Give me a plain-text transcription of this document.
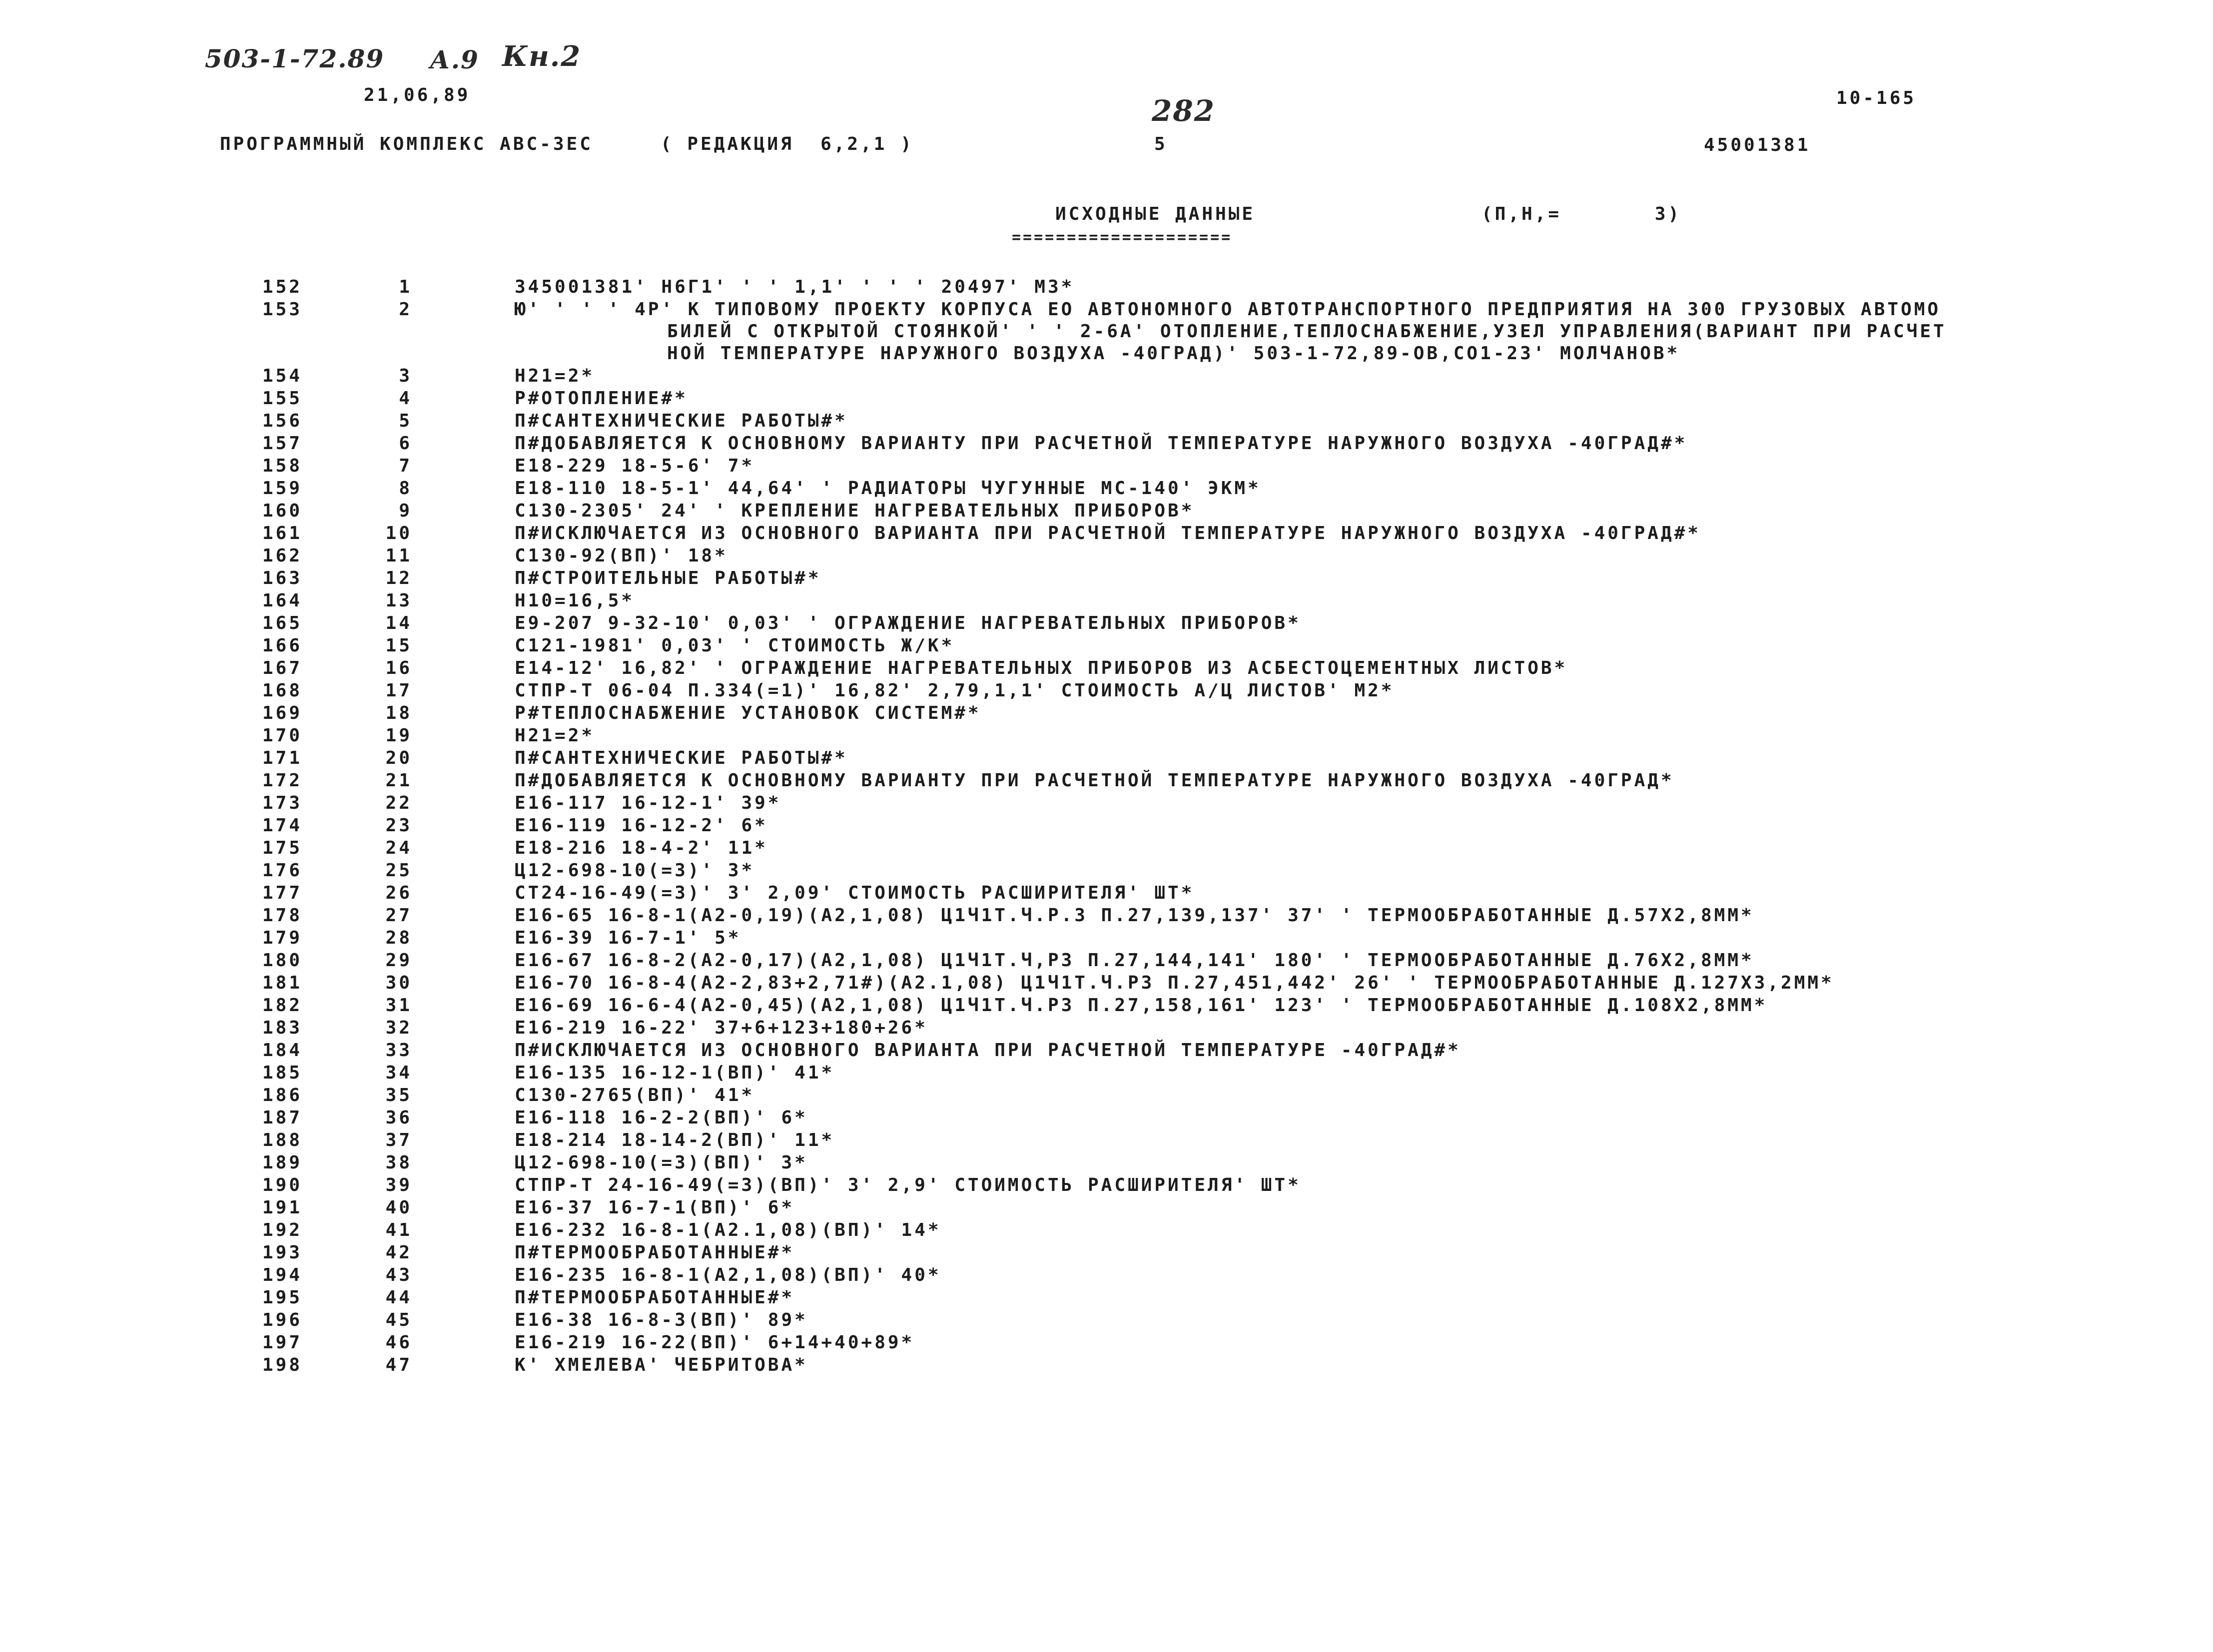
503-1-72.89 А.9 Кн.2
282
21,06,89	10-165
ПРОГРАММНЫЙ КОМПЛЕКС АВС-3ЕС	( РЕДАКЦИЯ  6,2,1 )	5	45001381
ИСХОДНЫЕ ДАННЫЕ
====================
(П,Н,=       3)
152	1	345001381' Н6Г1' ' ' 1,1' ' ' ' 20497' М3*
153	2	Ю' ' ' ' 4Р' К ТИПОВОМУ ПРОЕКТУ КОРПУСА ЕО АВТОНОМНОГО АВТОТРАНСПОРТНОГО ПРЕДПРИЯТИЯ НА 300 ГРУЗОВЫХ АВТОМО
БИЛЕЙ С ОТКРЫТОЙ СТОЯНКОЙ' ' ' 2-6А' ОТОПЛЕНИЕ,ТЕПЛОСНАБЖЕНИЕ,УЗЕЛ УПРАВЛЕНИЯ(ВАРИАНТ ПРИ РАСЧЕТ
НОЙ ТЕМПЕРАТУРЕ НАРУЖНОГО ВОЗДУХА -40ГРАД)' 503-1-72,89-ОВ,СО1-23' МОЛЧАНОВ*
154	3	Н21=2*
155	4	Р#ОТОПЛЕНИЕ#*
156	5	П#САНТЕХНИЧЕСКИЕ РАБОТЫ#*
157	6	П#ДОБАВЛЯЕТСЯ К ОСНОВНОМУ ВАРИАНТУ ПРИ РАСЧЕТНОЙ ТЕМПЕРАТУРЕ НАРУЖНОГО ВОЗДУХА -40ГРАД#*
158	7	Е18-229 18-5-6' 7*
159	8	Е18-110 18-5-1' 44,64' ' РАДИАТОРЫ ЧУГУННЫЕ МС-140' ЭКМ*
160	9	С130-2305' 24' ' КРЕПЛЕНИЕ НАГРЕВАТЕЛЬНЫХ ПРИБОРОВ*
161	10	П#ИСКЛЮЧАЕТСЯ ИЗ ОСНОВНОГО ВАРИАНТА ПРИ РАСЧЕТНОЙ ТЕМПЕРАТУРЕ НАРУЖНОГО ВОЗДУХА -40ГРАД#*
162	11	С130-92(ВП)' 18*
163	12	П#СТРОИТЕЛЬНЫЕ РАБОТЫ#*
164	13	Н10=16,5*
165	14	Е9-207 9-32-10' 0,03' ' ОГРАЖДЕНИЕ НАГРЕВАТЕЛЬНЫХ ПРИБОРОВ*
166	15	С121-1981' 0,03' ' СТОИМОСТЬ Ж/К*
167	16	Е14-12' 16,82' ' ОГРАЖДЕНИЕ НАГРЕВАТЕЛЬНЫХ ПРИБОРОВ ИЗ АСБЕСТОЦЕМЕНТНЫХ ЛИСТОВ*
168	17	СТПР-Т 06-04 П.334(=1)' 16,82' 2,79,1,1' СТОИМОСТЬ А/Ц ЛИСТОВ' М2*
169	18	Р#ТЕПЛОСНАБЖЕНИЕ УСТАНОВОК СИСТЕМ#*
170	19	Н21=2*
171	20	П#САНТЕХНИЧЕСКИЕ РАБОТЫ#*
172	21	П#ДОБАВЛЯЕТСЯ К ОСНОВНОМУ ВАРИАНТУ ПРИ РАСЧЕТНОЙ ТЕМПЕРАТУРЕ НАРУЖНОГО ВОЗДУХА -40ГРАД*
173	22	Е16-117 16-12-1' 39*
174	23	Е16-119 16-12-2' 6*
175	24	Е18-216 18-4-2' 11*
176	25	Ц12-698-10(=3)' 3*
177	26	СТ24-16-49(=3)' 3' 2,09' СТОИМОСТЬ РАСШИРИТЕЛЯ' ШТ*
178	27	Е16-65 16-8-1(А2-0,19)(А2,1,08) Ц1Ч1Т.Ч.Р.3 П.27,139,137' 37' ' ТЕРМООБРАБОТАННЫЕ Д.57Х2,8ММ*
179	28	Е16-39 16-7-1' 5*
180	29	Е16-67 16-8-2(А2-0,17)(А2,1,08) Ц1Ч1Т.Ч,Р3 П.27,144,141' 180' ' ТЕРМООБРАБОТАННЫЕ Д.76Х2,8ММ*
181	30	Е16-70 16-8-4(А2-2,83+2,71#)(А2.1,08) Ц1Ч1Т.Ч.Р3 П.27,451,442' 26' ' ТЕРМООБРАБОТАННЫЕ Д.127Х3,2ММ*
182	31	Е16-69 16-6-4(А2-0,45)(А2,1,08) Ц1Ч1Т.Ч.Р3 П.27,158,161' 123' ' ТЕРМООБРАБОТАННЫЕ Д.108Х2,8ММ*
183	32	Е16-219 16-22' 37+6+123+180+26*
184	33	П#ИСКЛЮЧАЕТСЯ ИЗ ОСНОВНОГО ВАРИАНТА ПРИ РАСЧЕТНОЙ ТЕМПЕРАТУРЕ -40ГРАД#*
185	34	Е16-135 16-12-1(ВП)' 41*
186	35	С130-2765(ВП)' 41*
187	36	Е16-118 16-2-2(ВП)' 6*
188	37	Е18-214 18-14-2(ВП)' 11*
189	38	Ц12-698-10(=3)(ВП)' 3*
190	39	СТПР-Т 24-16-49(=3)(ВП)' 3' 2,9' СТОИМОСТЬ РАСШИРИТЕЛЯ' ШТ*
191	40	Е16-37 16-7-1(ВП)' 6*
192	41	Е16-232 16-8-1(А2.1,08)(ВП)' 14*
193	42	П#ТЕРМООБРАБОТАННЫЕ#*
194	43	Е16-235 16-8-1(А2,1,08)(ВП)' 40*
195	44	П#ТЕРМООБРАБОТАННЫЕ#*
196	45	Е16-38 16-8-3(ВП)' 89*
197	46	Е16-219 16-22(ВП)' 6+14+40+89*
198	47	К' ХМЕЛЕВА' ЧЕБРИТОВА*
